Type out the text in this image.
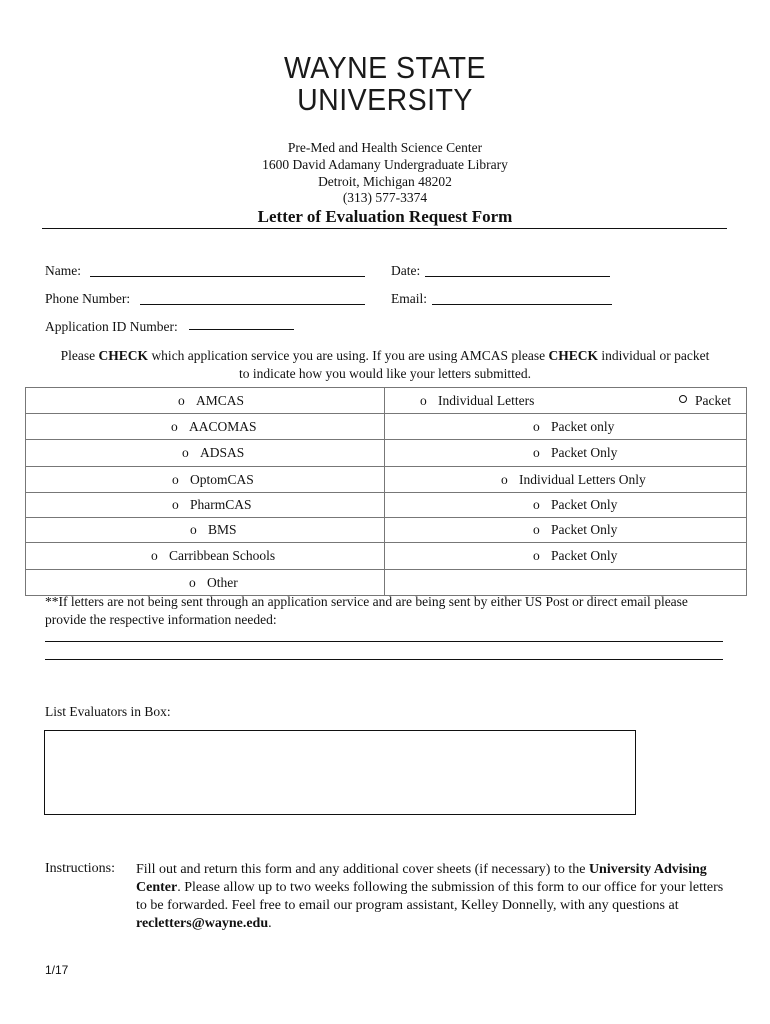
WAYNE STATE
UNIVERSITY
Pre-Med and Health Science Center
1600 David Adamany Undergraduate Library
Detroit, Michigan 48202
(313) 577-3374
Letter of Evaluation Request Form
Name:	Date:
Phone Number:	Email:
Application ID Number:
Please CHECK which application service you are using. If you are using AMCAS please CHECK individual or packet
to indicate how you would like your letters submitted.
o AMCAS	o Individual Letters Packet

o AACOMAS	o Packet only

o ADSAS	o Packet Only

o OptomCAS	o Individual Letters Only

o PharmCAS	o Packet Only

o BMS	o Packet Only

o Carribbean Schools	o Packet Only

o Other	

**If letters are not being sent through an application service and are being sent by either US Post or direct email please
provide the respective information needed:
List Evaluators in Box:
Instructions: Fill out and return this form and any additional cover sheets (if necessary) to the University Advising Center. Please allow up to two weeks following the submission of this form to our office for your letters to be forwarded. Feel free to email our program assistant, Kelley Donnelly, with any questions at recletters@wayne.edu.
1/17
